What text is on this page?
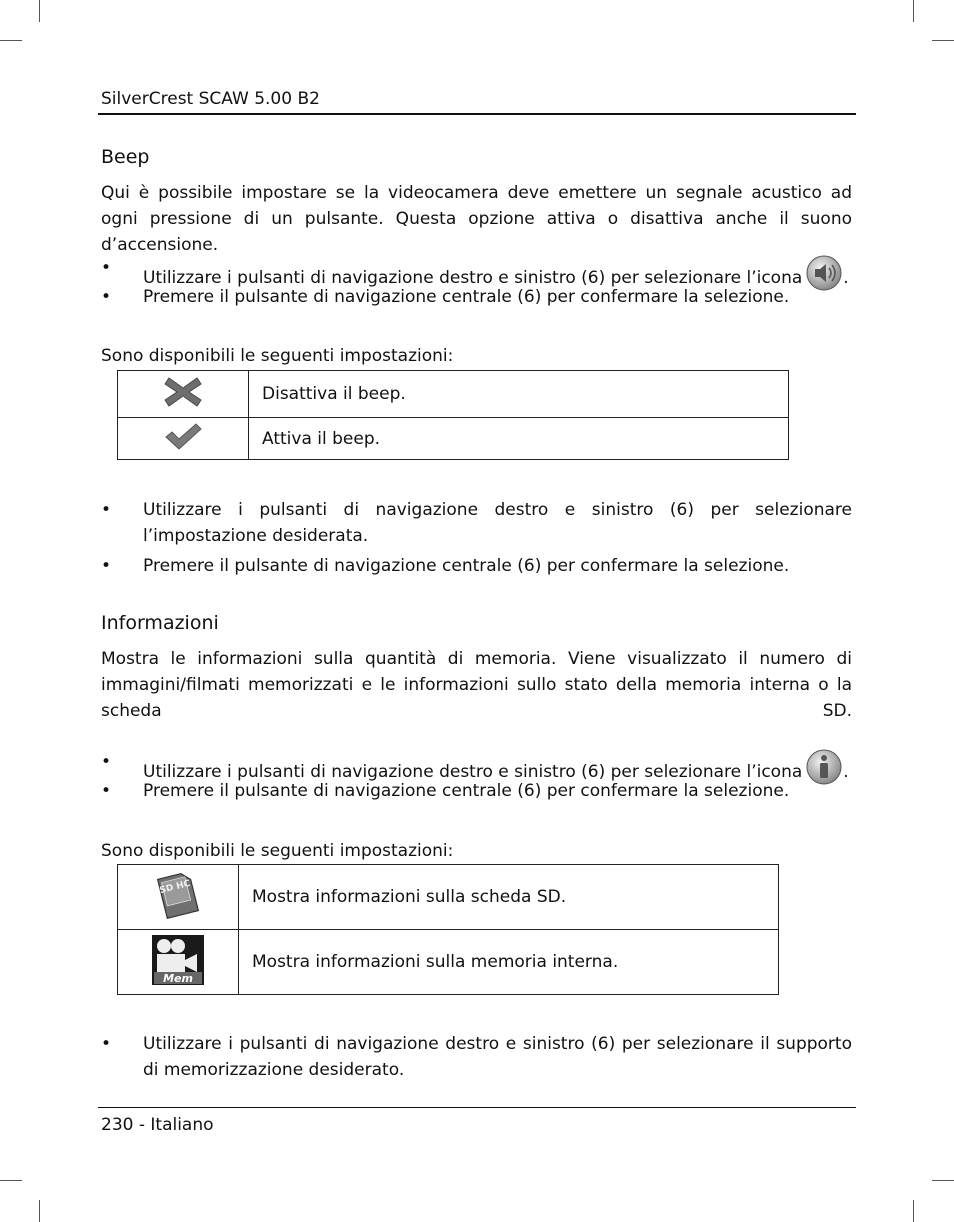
SilverCrest SCAW 5.00 B2
Beep
Qui è possibile impostare se la videocamera deve emettere un segnale acustico ad ogni pressione di un pulsante. Questa opzione attiva o disattiva anche il suono d’accensione.
• Utilizzare i pulsanti di navigazione destro e sinistro (6) per selezionare l’icona .
• Premere il pulsante di navigazione centrale (6) per confermare la selezione.
Sono disponibili le seguenti impostazioni:
	Disattiva il beep.
	Attiva il beep.
• Utilizzare i pulsanti di navigazione destro e sinistro (6) per selezionare l’impostazione desiderata.
• Premere il pulsante di navigazione centrale (6) per confermare la selezione.
Informazioni
Mostra le informazioni sulla quantità di memoria. Viene visualizzato il numero di immagini/filmati memorizzati e le informazioni sullo stato della memoria interna o la scheda SD.
• Utilizzare i pulsanti di navigazione destro e sinistro (6) per selezionare l’icona .
• Premere il pulsante di navigazione centrale (6) per confermare la selezione.
Sono disponibili le seguenti impostazioni:
SD HC	Mostra informazioni sulla scheda SD.

Mem	Mostra informazioni sulla memoria interna.
• Utilizzare i pulsanti di navigazione destro e sinistro (6) per selezionare il supporto di memorizzazione desiderato.
230 - Italiano
